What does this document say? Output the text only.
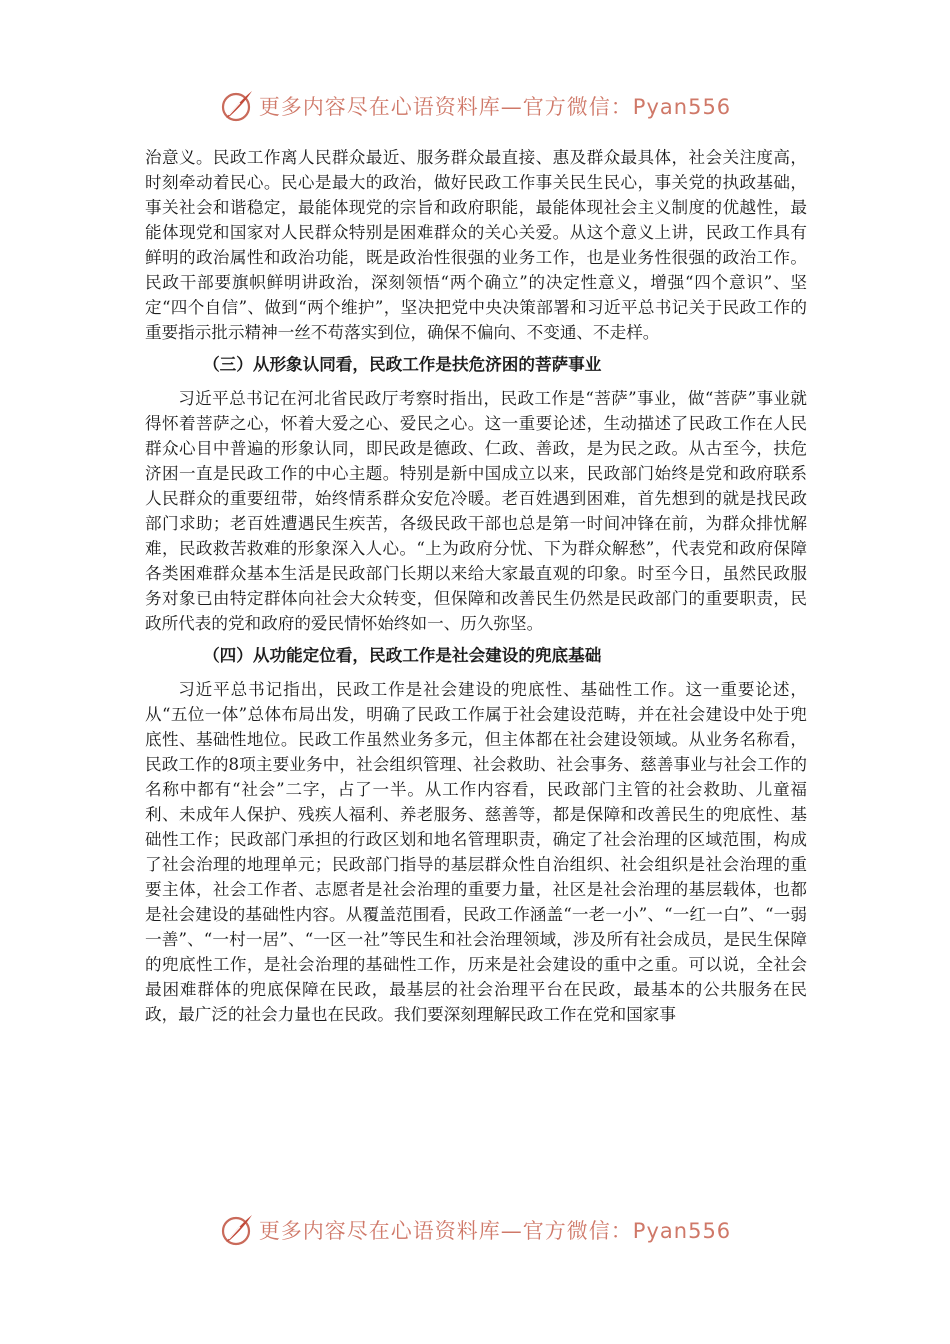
更多内容尽在心语资料库—官方微信：Pyan556

治意义。民政工作离人民群众最近、服务群众最直接、惠及群众最具体，社会关注度高，时刻牵动着民心。民心是最大的政治，做好民政工作事关民生民心，事关党的执政基础，事关社会和谐稳定，最能体现党的宗旨和政府职能，最能体现社会主义制度的优越性，最能体现党和国家对人民群众特别是困难群众的关心关爱。从这个意义上讲，民政工作具有鲜明的政治属性和政治功能，既是政治性很强的业务工作，也是业务性很强的政治工作。民政干部要旗帜鲜明讲政治，深刻领悟“两个确立”的决定性意义，增强“四个意识”、坚定“四个自信”、做到“两个维护”，坚决把党中央决策部署和习近平总书记关于民政工作的重要指示批示精神一丝不苟落实到位，确保不偏向、不变通、不走样。

（三）从形象认同看，民政工作是扶危济困的菩萨事业

习近平总书记在河北省民政厅考察时指出，民政工作是“菩萨”事业，做“菩萨”事业就得怀着菩萨之心，怀着大爱之心、爱民之心。这一重要论述，生动描述了民政工作在人民群众心目中普遍的形象认同，即民政是德政、仁政、善政，是为民之政。从古至今，扶危济困一直是民政工作的中心主题。特别是新中国成立以来，民政部门始终是党和政府联系人民群众的重要纽带，始终情系群众安危冷暖。老百姓遇到困难，首先想到的就是找民政部门求助；老百姓遭遇民生疾苦，各级民政干部也总是第一时间冲锋在前，为群众排忧解难，民政救苦救难的形象深入人心。“上为政府分忧、下为群众解愁”，代表党和政府保障各类困难群众基本生活是民政部门长期以来给大家最直观的印象。时至今日，虽然民政服务对象已由特定群体向社会大众转变，但保障和改善民生仍然是民政部门的重要职责，民政所代表的党和政府的爱民情怀始终如一、历久弥坚。

（四）从功能定位看，民政工作是社会建设的兜底基础

习近平总书记指出，民政工作是社会建设的兜底性、基础性工作。这一重要论述，从“五位一体”总体布局出发，明确了民政工作属于社会建设范畴，并在社会建设中处于兜底性、基础性地位。民政工作虽然业务多元，但主体都在社会建设领域。从业务名称看，民政工作的8项主要业务中，社会组织管理、社会救助、社会事务、慈善事业与社会工作的名称中都有“社会”二字，占了一半。从工作内容看，民政部门主管的社会救助、儿童福利、未成年人保护、残疾人福利、养老服务、慈善等，都是保障和改善民生的兜底性、基础性工作；民政部门承担的行政区划和地名管理职责，确定了社会治理的区域范围，构成了社会治理的地理单元；民政部门指导的基层群众性自治组织、社会组织是社会治理的重要主体，社会工作者、志愿者是社会治理的重要力量，社区是社会治理的基层载体，也都是社会建设的基础性内容。从覆盖范围看，民政工作涵盖“一老一小”、“一红一白”、“一弱一善”、“一村一居”、“一区一社”等民生和社会治理领域，涉及所有社会成员，是民生保障的兜底性工作，是社会治理的基础性工作，历来是社会建设的重中之重。可以说，全社会最困难群体的兜底保障在民政，最基层的社会治理平台在民政，最基本的公共服务在民政，最广泛的社会力量也在民政。我们要深刻理解民政工作在党和国家事

更多内容尽在心语资料库—官方微信：Pyan556
